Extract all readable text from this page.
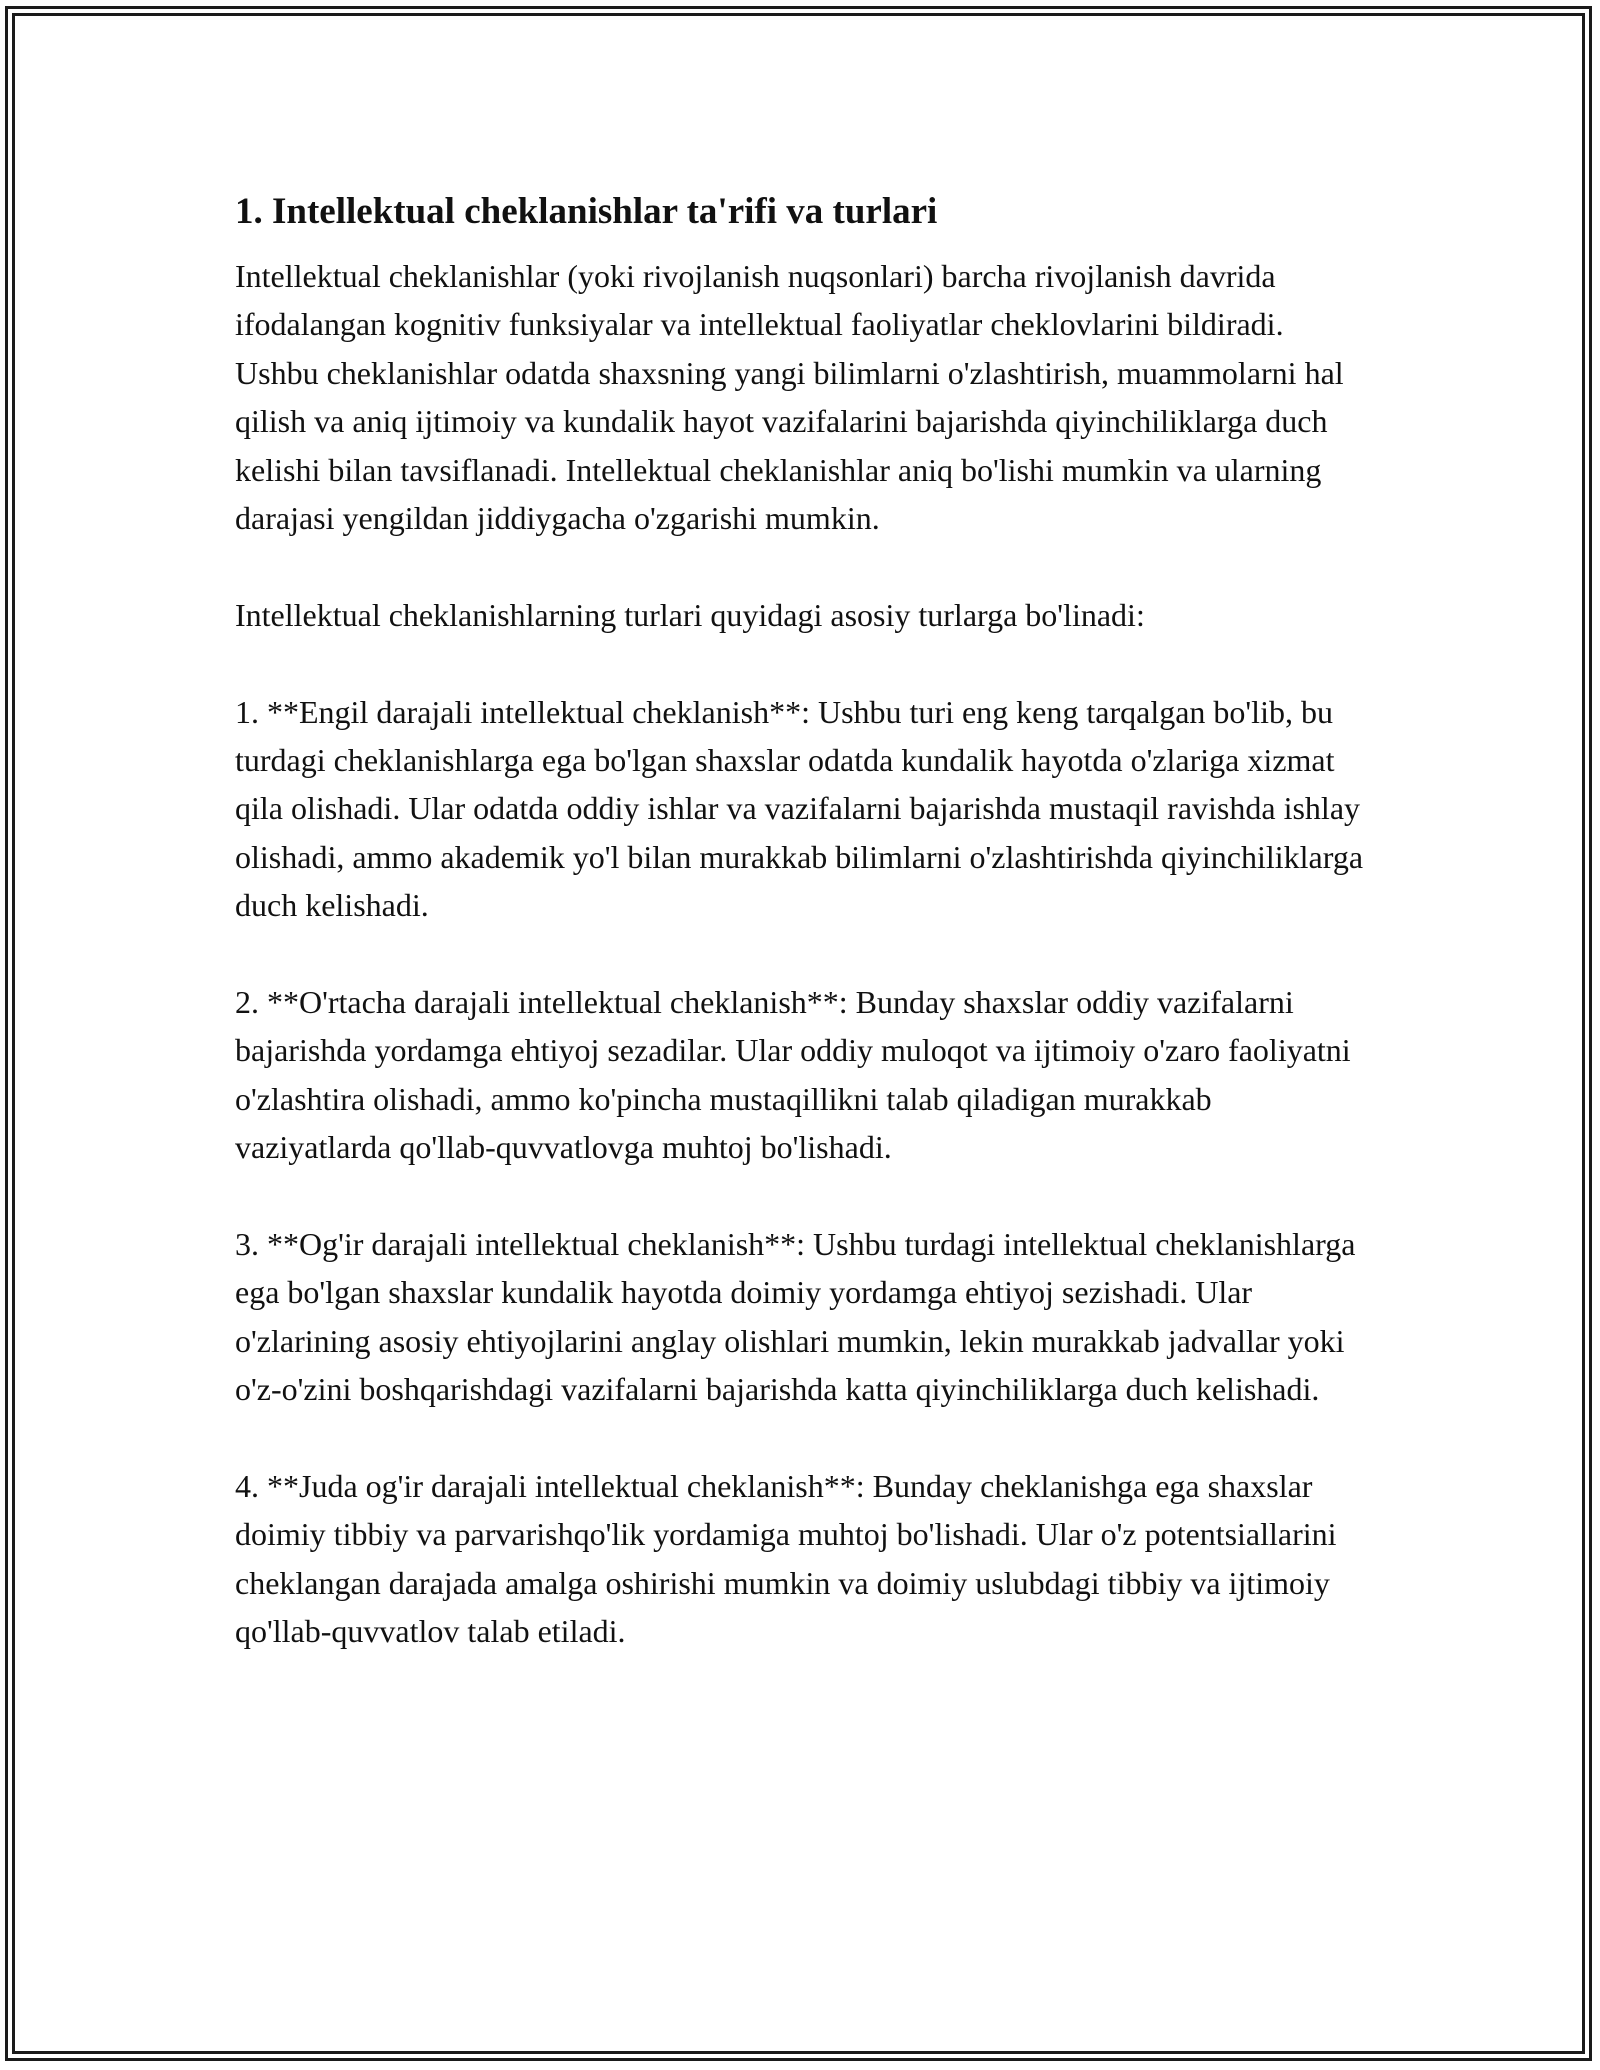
1. Intellektual cheklanishlar ta'rifi va turlari

Intellektual cheklanishlar (yoki rivojlanish nuqsonlari) barcha rivojlanish davrida ifodalangan kognitiv funksiyalar va intellektual faoliyatlar cheklovlarini bildiradi. Ushbu cheklanishlar odatda shaxsning yangi bilimlarni o'zlashtirish, muammolarni hal qilish va aniq ijtimoiy va kundalik hayot vazifalarini bajarishda qiyinchiliklarga duch kelishi bilan tavsiflanadi. Intellektual cheklanishlar aniq bo'lishi mumkin va ularning darajasi yengildan jiddiygacha o'zgarishi mumkin.

Intellektual cheklanishlarning turlari quyidagi asosiy turlarga bo'linadi:

1. **Engil darajali intellektual cheklanish**: Ushbu turi eng keng tarqalgan bo'lib, bu turdagi cheklanishlarga ega bo'lgan shaxslar odatda kundalik hayotda o'zlariga xizmat qila olishadi. Ular odatda oddiy ishlar va vazifalarni bajarishda mustaqil ravishda ishlay olishadi, ammo akademik yo'l bilan murakkab bilimlarni o'zlashtirishda qiyinchiliklarga duch kelishadi.

2. **O'rtacha darajali intellektual cheklanish**: Bunday shaxslar oddiy vazifalarni bajarishda yordamga ehtiyoj sezadilar. Ular oddiy muloqot va ijtimoiy o'zaro faoliyatni o'zlashtira olishadi, ammo ko'pincha mustaqillikni talab qiladigan murakkab vaziyatlarda qo'llab-quvvatlovga muhtoj bo'lishadi.

3. **Og'ir darajali intellektual cheklanish**: Ushbu turdagi intellektual cheklanishlarga ega bo'lgan shaxslar kundalik hayotda doimiy yordamga ehtiyoj sezishadi. Ular o'zlarining asosiy ehtiyojlarini anglay olishlari mumkin, lekin murakkab jadvallar yoki o'z-o'zini boshqarishdagi vazifalarni bajarishda katta qiyinchiliklarga duch kelishadi.

4. **Juda og'ir darajali intellektual cheklanish**: Bunday cheklanishga ega shaxslar doimiy tibbiy va parvarishqo'lik yordamiga muhtoj bo'lishadi. Ular o'z potentsiallarini cheklangan darajada amalga oshirishi mumkin va doimiy uslubdagi tibbiy va ijtimoiy qo'llab-quvvatlov talab etiladi.
